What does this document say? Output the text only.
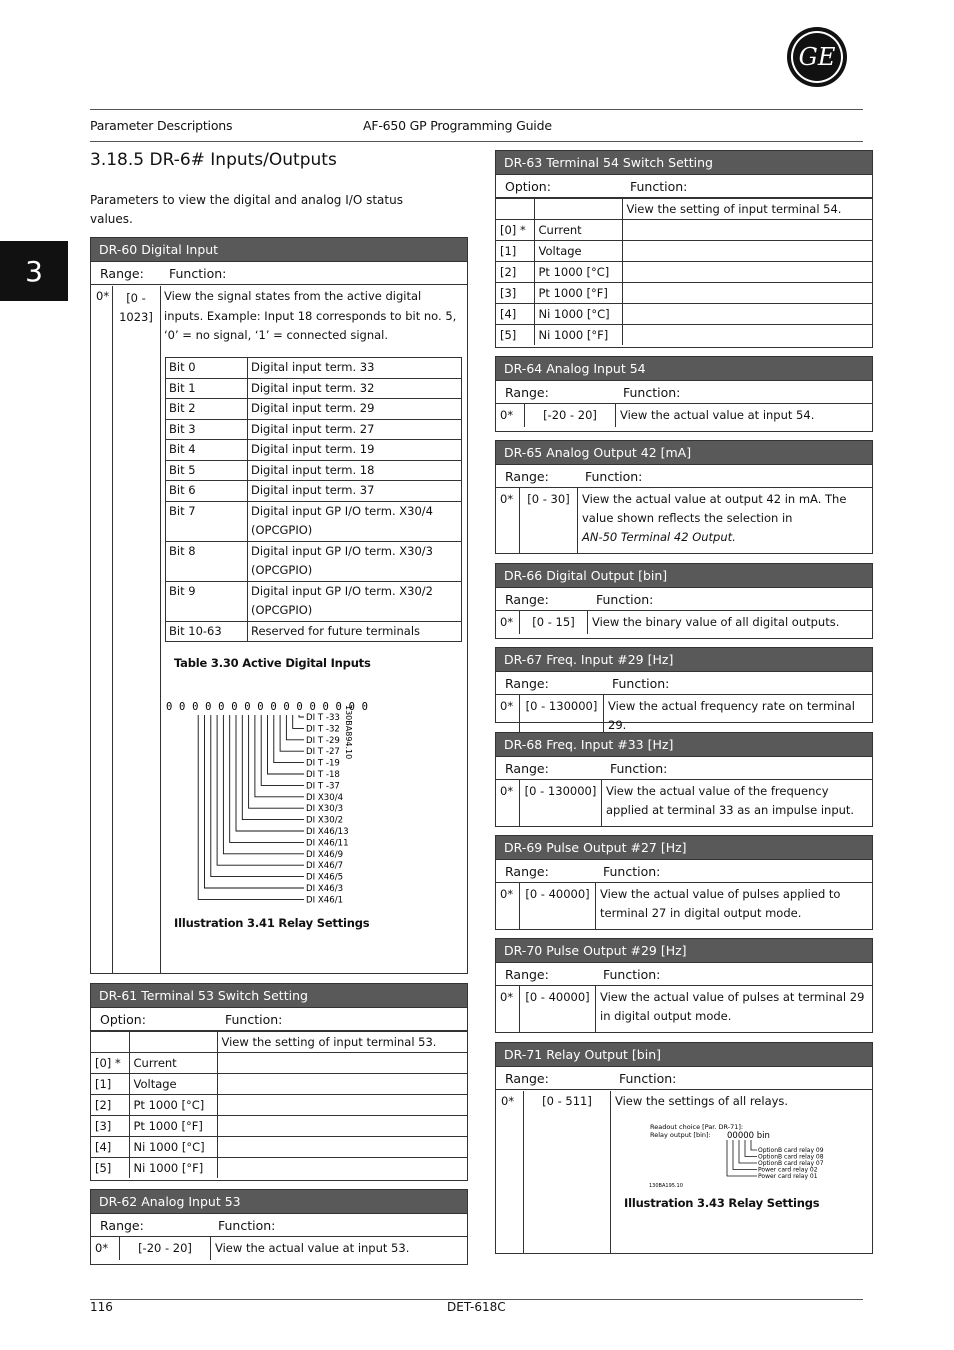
GE
Parameter Descriptions	AF-650 GP Programming Guide
3
3.18.5 DR-6# Inputs/Outputs
Parameters to view the digital and analog I/O status values.
DR-60 Digital Input
Range: Function:
0*	[0 - 1023]
View the signal states from the active digital inputs. Example: Input 18 corresponds to bit no. 5, ‘0’ = no signal, ‘1’ = connected signal.
Bit 0	Digital input term. 33
Bit 1	Digital input term. 32
Bit 2	Digital input term. 29
Bit 3	Digital input term. 27
Bit 4	Digital input term. 19
Bit 5	Digital input term. 18
Bit 6	Digital input term. 37
Bit 7	Digital input GP I/O term. X30/4 (OPCGPIO)
Bit 8	Digital input GP I/O term. X30/3 (OPCGPIO)
Bit 9	Digital input GP I/O term. X30/2 (OPCGPIO)
Bit 10-63	Reserved for future terminals
Table 3.30 Active Digital Inputs
0 0 0 0 0 0 0 0 0 0 0 0 0 0 0 0
130BA894.10
DI T -33
DI T -32
DI T -29
DI T -27
DI T -19
DI T -18
DI T -37
DI X30/4
DI X30/3
DI X30/2
DI X46/13
DI X46/11
DI X46/9
DI X46/7
DI X46/5
DI X46/3
DI X46/1
Illustration 3.41 Relay Settings
DR-61 Terminal 53 Switch Setting
Option:	Function:
		View the setting of input terminal 53.
[0] *	Current	
[1]	Voltage	
[2]	Pt 1000 [°C]	
[3]	Pt 1000 [°F]	
[4]	Ni 1000 [°C]	
[5]	Ni 1000 [°F]	
DR-62 Analog Input 53
Range:	Function:
0*	[-20 - 20]	View the actual value at input 53.
DR-63 Terminal 54 Switch Setting
Option:	Function:
		View the setting of input terminal 54.
[0] *	Current	
[1]	Voltage	
[2]	Pt 1000 [°C]	
[3]	Pt 1000 [°F]	
[4]	Ni 1000 [°C]	
[5]	Ni 1000 [°F]	
DR-64 Analog Input 54
Range:	Function:
0*	[-20 - 20]	View the actual value at input 54.
DR-65 Analog Output 42 [mA]
Range:	Function:
0*	[0 - 30]	View the actual value at output 42 in mA. The value shown reflects the selection in
AN-50 Terminal 42 Output.
DR-66 Digital Output [bin]
Range:	Function:
0*	[0 - 15]	View the binary value of all digital outputs.
DR-67 Freq. Input #29 [Hz]
Range:	Function:
0*	[0 - 130000] View the actual frequency rate on terminal 29.
DR-68 Freq. Input #33 [Hz]
Range:	Function:
0*	[0 - 130000] View the actual value of the frequency applied at terminal 33 as an impulse input.
DR-69 Pulse Output #27 [Hz]
Range:	Function:
0*	[0 - 40000] View the actual value of pulses applied to terminal 27 in digital output mode.
DR-70 Pulse Output #29 [Hz]
Range:	Function:
0*	[0 - 40000] View the actual value of pulses at terminal 29 in digital output mode.
DR-71 Relay Output [bin]
Range:	Function:
0*	[0 - 511]	View the settings of all relays.
Readout choice [Par. DR-71]:
Relay output [bin]: 00000 bin
OptionB card relay 09
OptionB card relay 08
OptionB card relay 07
Power card relay 02
Power card relay 01
130BA195.10
Illustration 3.43 Relay Settings
116	DET-618C
